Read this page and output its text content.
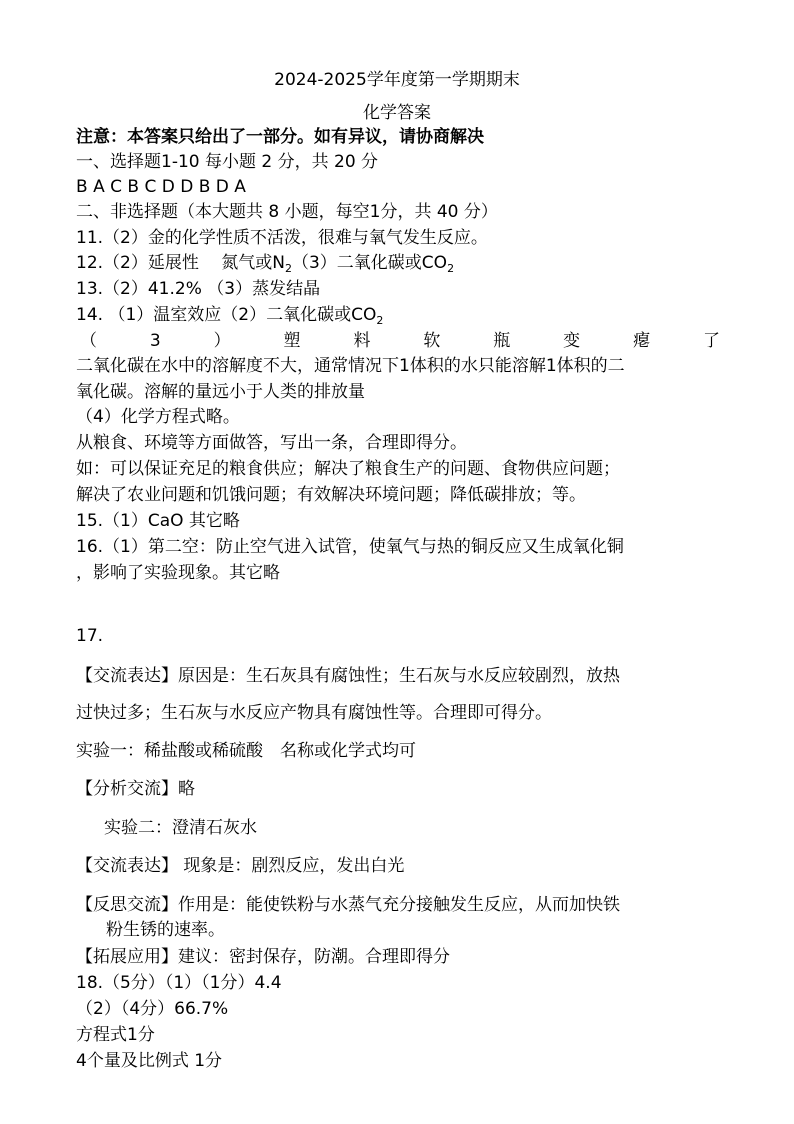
2024-2025学年度第一学期期末
化学答案
注意：本答案只给出了一部分。如有异议，请协商解决
一、选择题1-10 每小题 2 分，共 20 分
B A C B C D D B D A
二、非选择题（本大题共 8 小题，每空1分，共 40 分）
11.（2）金的化学性质不活泼，很难与氧气发生反应。
12.（2）延展性　 氮气或$N_2(3)$二氧化碳或$CO_2$
13.（2）41.2% （3）蒸发结晶
14. （1）温室效应（2）二氧化碳或$CO_2$
（	3	）	塑	料	软	瓶	变	瘪	了
二氧化碳在水中的溶解度不大，通常情况下1体积的水只能溶解1体积的二
氧化碳。溶解的量远小于人类的排放量
（4）化学方程式略。
从粮食、环境等方面做答，写出一条，合理即得分。
如：可以保证充足的粮食供应；解决了粮食生产的问题、食物供应问题；
解决了农业问题和饥饿问题；有效解决环境问题；降低碳排放；等。
15.（1）CaO 其它略
16.（1）第二空：防止空气进入试管，使氧气与热的铜反应又生成氧化铜
，影响了实验现象。其它略
17.
【交流表达】原因是：生石灰具有腐蚀性；生石灰与水反应较剧烈，放热
过快过多；生石灰与水反应产物具有腐蚀性等。合理即可得分。
实验一：稀盐酸或稀硫酸　名称或化学式均可
【分析交流】略
实验二：澄清石灰水
【交流表达】 现象是：剧烈反应，发出白光
【反思交流】作用是：能使铁粉与水蒸气充分接触发生反应，从而加快铁
粉生锈的速率。
【拓展应用】建议：密封保存，防潮。合理即得分
18.（5分）（1）（1分）4.4
（2）（4分）66.7%
方程式1分
4个量及比例式 1分
